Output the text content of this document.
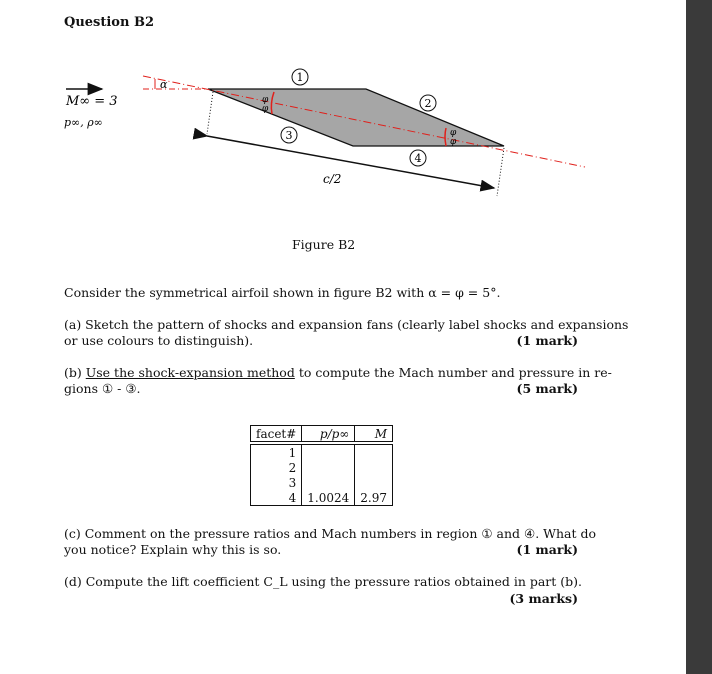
Question B2
α
φ
φ
φ
φ
M∞ = 3
p∞, ρ∞
c/2
1
2
3
4
Figure B2
Consider the symmetrical airfoil shown in figure B2 with α = φ = 5°.
(a) Sketch the pattern of shocks and expansion fans (clearly label shocks and expansions
or use colours to distinguish).	(1 mark)
(b) Use the shock-expansion method to compute the Mach number and pressure in re-
gions ① - ③.	(5 mark)
facet#	p/p∞	M
1		
2		
3		
4	1.0024	2.97
(c) Comment on the pressure ratios and Mach numbers in region ① and ④. What do
you notice? Explain why this is so.	(1 mark)
(d) Compute the lift coefficient C_L using the pressure ratios obtained in part (b).
(3 marks)
